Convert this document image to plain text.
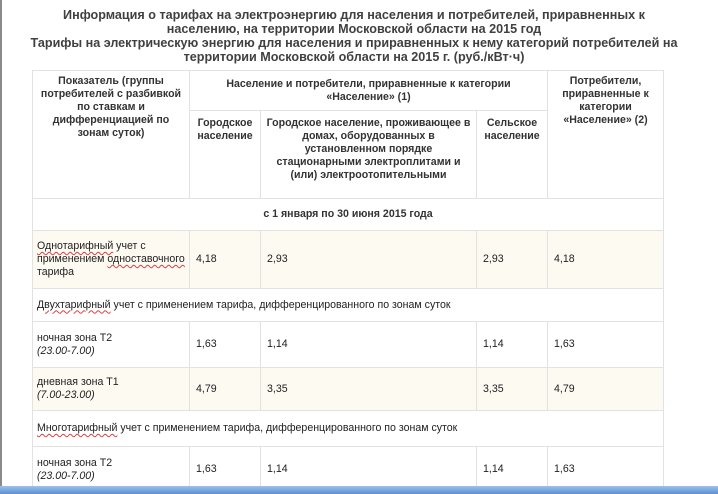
Информация о тарифах на электроэнергию для населения и потребителей, приравненных к
населению, на территории Московской области на 2015 год
Тарифы на электрическую энергию для населения и приравненных к нему категорий потребителей на
территории Московской области на 2015 г. (руб./кВт·ч)
Показатель (группы потребителей с разбивкой по ставкам и дифференциацией по зонам суток)	Население и потребители, приравненные к категории «Население» (1)			Потребители, приравненные к категории «Население» (2)
	Городское население	Городское население, проживающее в домах, оборудованных в установленном порядке стационарными электроплитами и (или) электроотопительными	Сельское население	
с 1 января по 30 июня 2015 года				
Однотарифный учет с применением одноставочного тарифа	4,18	2,93	2,93	4,18
Двухтарифный учет с применением тарифа, дифференцированного по зонам суток				

ночная зона Т2
(23.00-7.00)	1,63	1,14	1,14	1,63

дневная зона Т1
(7.00-23.00)	4,79	3,35	3,35	4,79
Многотарифный учет с применением тарифа, дифференцированного по зонам суток				

ночная зона Т2
(23.00-7.00)	1,63	1,14	1,14	1,63
